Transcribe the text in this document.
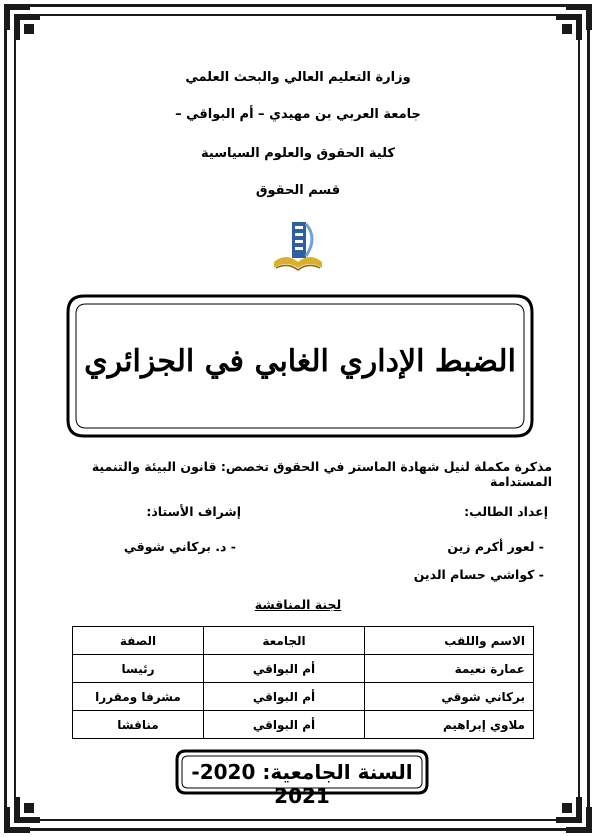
وزارة التعليم العالي والبحث العلمي
جامعة العربي بن مهيدي – أم البواقي –
كلية الحقوق والعلوم السياسية
قسم الحقوق
الضبط الإداري الغابي في الجزائري
مذكرة مكملة لنيل شهادة الماستر في الحقوق تخصص: قانون البيئة والتنمية المستدامة
إعداد الطالب:
إشراف الأستاذ:
- لعور أكرم زين
- كواشي حسام الدين
- د. بركاني شوقي
لجنة المناقشة
الاسم واللقب	الجامعة	الصفة
عمارة نعيمة	أم البواقي	رئيسا
بركاني شوقي	أم البواقي	مشرفا ومقررا
ملاوي إبراهيم	أم البواقي	مناقشا
السنة الجامعية: 2020-2021
